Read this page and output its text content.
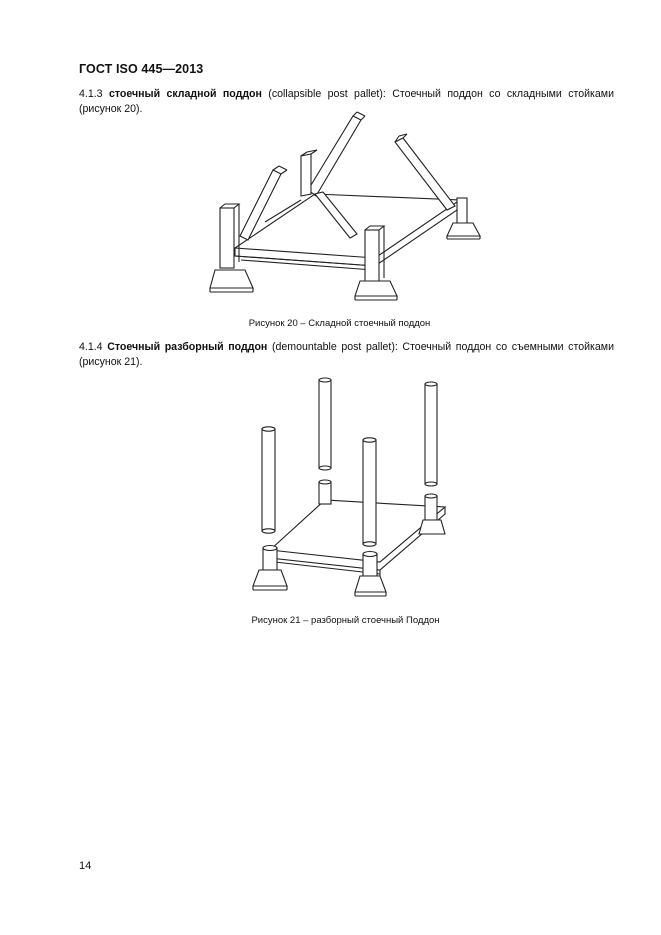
ГОСТ ISO 445—2013
4.1.3 стоечный складной поддон (collapsible post pallet): Стоечный поддон со складными стойками (рисунок 20).
Рисунок 20 – Складной стоечный поддон
4.1.4 Стоечный разборный поддон (demountable post pallet): Стоечный поддон со съемными стойками (рисунок 21).
Рисунок 21 – разборный стоечный Поддон
14
